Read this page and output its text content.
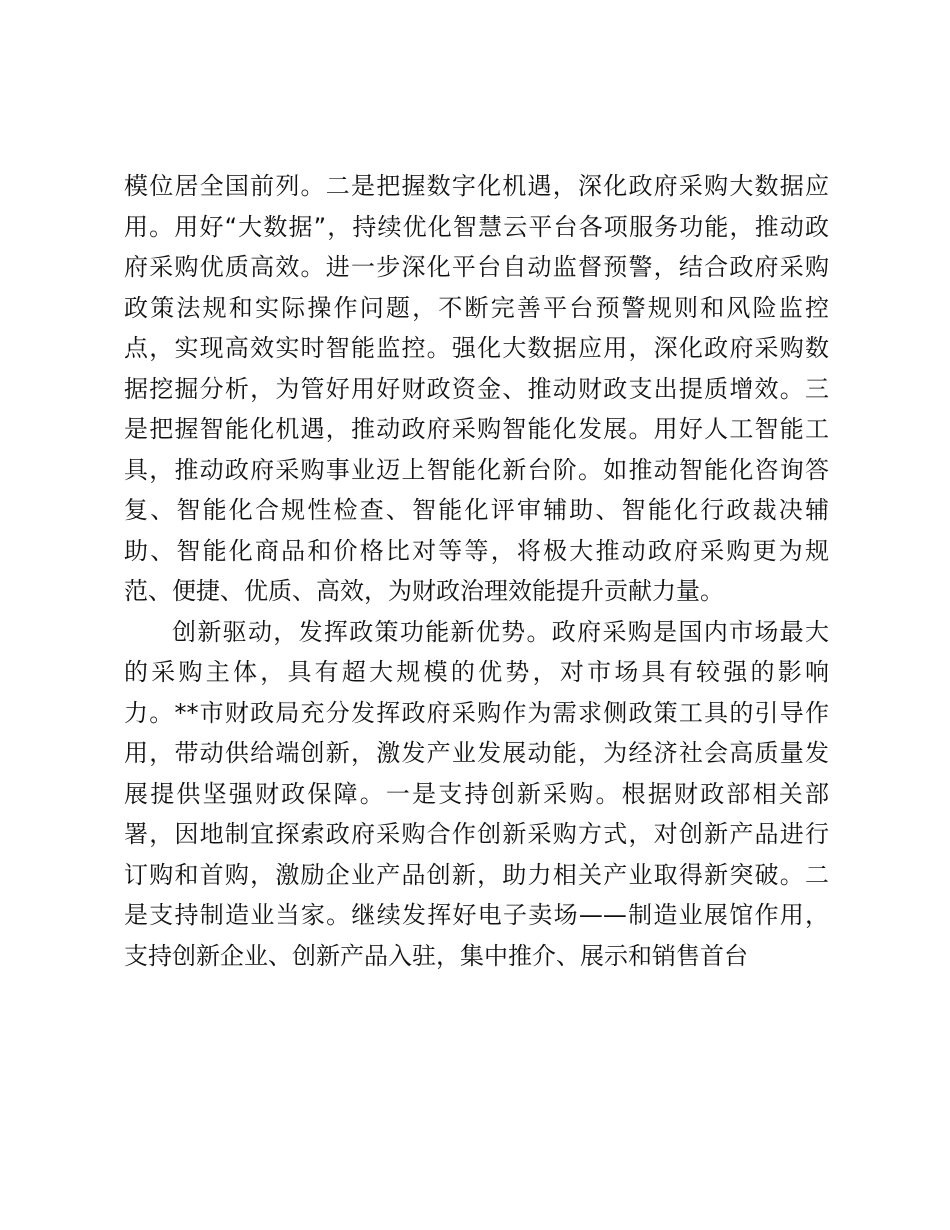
模位居全国前列。二是把握数字化机遇，深化政府采购大数据应
用。用好“大数据”，持续优化智慧云平台各项服务功能，推动政
府采购优质高效。进一步深化平台自动监督预警，结合政府采购
政策法规和实际操作问题，不断完善平台预警规则和风险监控
点，实现高效实时智能监控。强化大数据应用，深化政府采购数
据挖掘分析，为管好用好财政资金、推动财政支出提质增效。三
是把握智能化机遇，推动政府采购智能化发展。用好人工智能工
具，推动政府采购事业迈上智能化新台阶。如推动智能化咨询答
复、智能化合规性检查、智能化评审辅助、智能化行政裁决辅
助、智能化商品和价格比对等等，将极大推动政府采购更为规
范、便捷、优质、高效，为财政治理效能提升贡献力量。
创新驱动，发挥政策功能新优势。政府采购是国内市场最大
的采购主体，具有超大规模的优势，对市场具有较强的影响
力。**市财政局充分发挥政府采购作为需求侧政策工具的引导作
用，带动供给端创新，激发产业发展动能，为经济社会高质量发
展提供坚强财政保障。一是支持创新采购。根据财政部相关部
署，因地制宜探索政府采购合作创新采购方式，对创新产品进行
订购和首购，激励企业产品创新，助力相关产业取得新突破。二
是支持制造业当家。继续发挥好电子卖场——制造业展馆作用，
支持创新企业、创新产品入驻，集中推介、展示和销售首台
